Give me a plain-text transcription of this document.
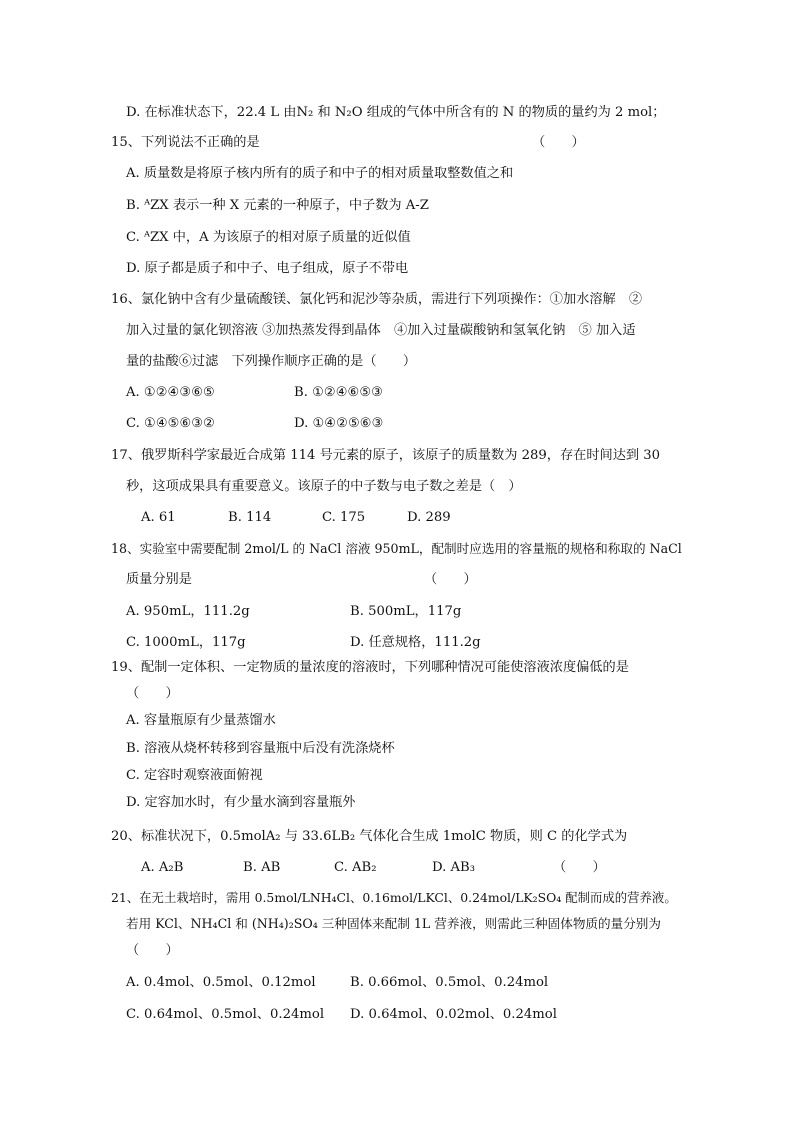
D. 在标准状态下，22.4 L 由N₂ 和 N₂O 组成的气体中所含有的 N 的物质的量约为 2 mol；
15、下列说法不正确的是	（　　）
A. 质量数是将原子核内所有的质子和中子的相对质量取整数值之和
B. ᴬZX 表示一种 X 元素的一种原子，中子数为 A-Z
C. ᴬZX 中，A 为该原子的相对原子质量的近似值
D. 原子都是质子和中子、电子组成，原子不带电
16、氯化钠中含有少量硫酸镁、氯化钙和泥沙等杂质，需进行下列项操作：①加水溶解　②
加入过量的氯化钡溶液 ③加热蒸发得到晶体　④加入过量碳酸钠和氢氧化钠　⑤ 加入适
量的盐酸⑥过滤　下列操作顺序正确的是（　　）
A. ①②④③⑥⑤	B. ①②④⑥⑤③
C. ①④⑤⑥③②	D. ①④②⑤⑥③
17、俄罗斯科学家最近合成第 114 号元素的原子，该原子的质量数为 289，存在时间达到 30
秒，这项成果具有重要意义。该原子的中子数与电子数之差是（　）
A. 61	B. 114	C. 175	D. 289
18、实验室中需要配制 2mol/L 的 NaCl 溶液 950mL，配制时应选用的容量瓶的规格和称取的 NaCl
质量分别是	（　　）
A. 950mL，111.2g	B. 500mL，117g
C. 1000mL，117g	D. 任意规格，111.2g
19、配制一定体积、一定物质的量浓度的溶液时，下列哪种情况可能使溶液浓度偏低的是
（　　）
A. 容量瓶原有少量蒸馏水
B. 溶液从烧杯转移到容量瓶中后没有洗涤烧杯
C. 定容时观察液面俯视
D. 定容加水时，有少量水滴到容量瓶外
20、标准状况下，0.5molA₂ 与 33.6LB₂ 气体化合生成 1molC 物质，则 C 的化学式为
A. A₂B	B. AB	C. AB₂	D. AB₃	（　　）
21、在无土栽培时，需用 0.5mol/LNH₄Cl、0.16mol/LKCl、0.24mol/LK₂SO₄ 配制而成的营养液。
若用 KCl、NH₄Cl 和 (NH₄)₂SO₄ 三种固体来配制 1L 营养液，则需此三种固体物质的量分别为
（　　）
A. 0.4mol、0.5mol、0.12mol	B. 0.66mol、0.5mol、0.24mol
C. 0.64mol、0.5mol、0.24mol D. 0.64mol、0.02mol、0.24mol
